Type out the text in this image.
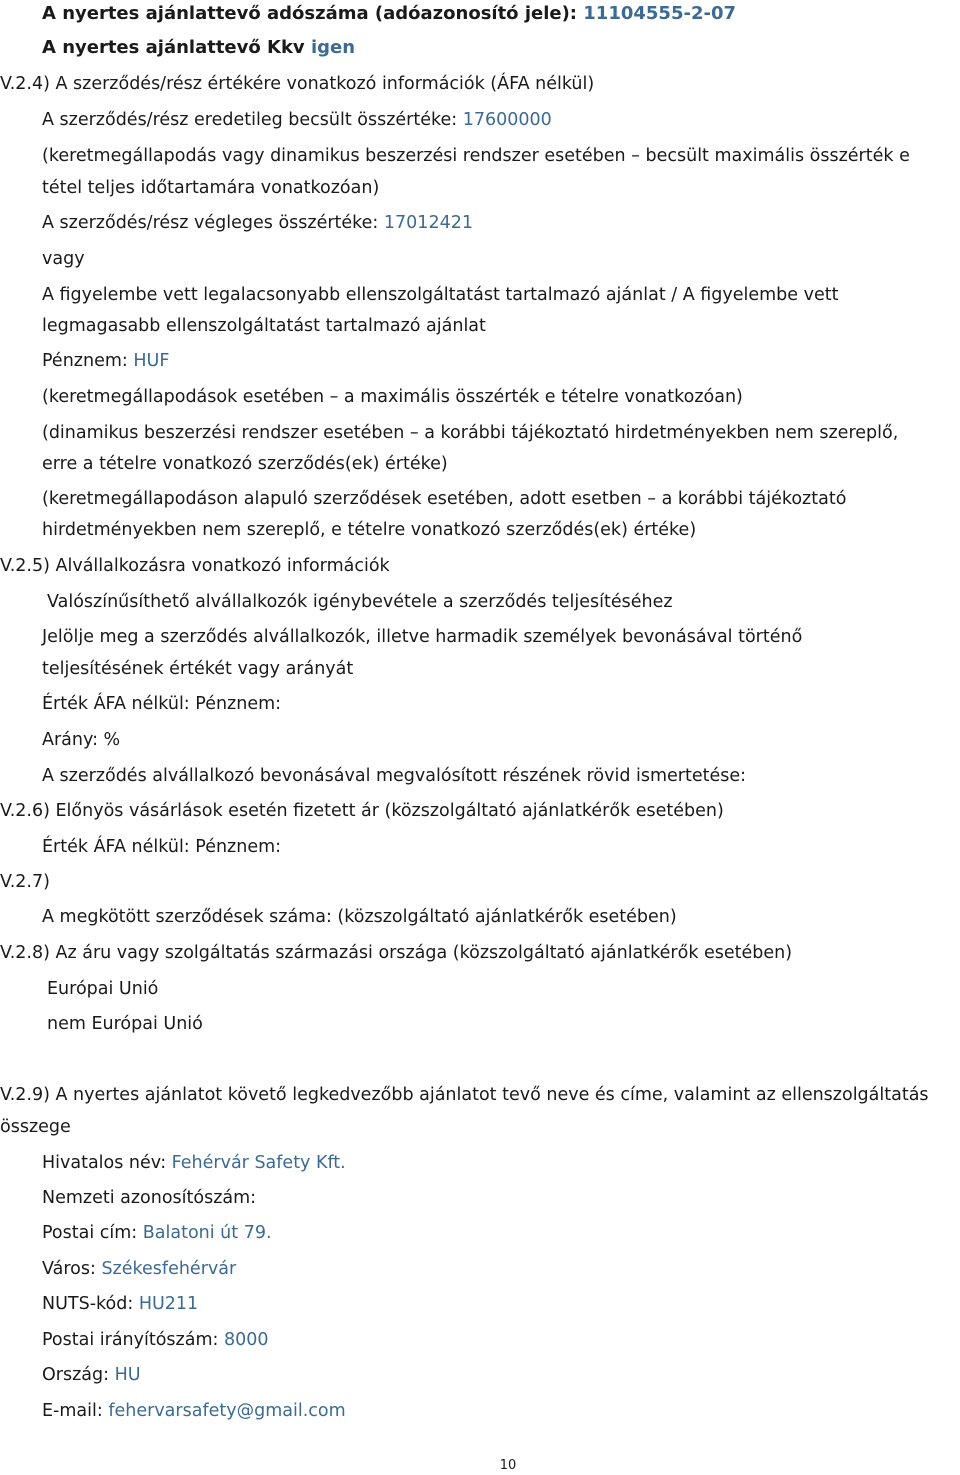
A nyertes ajánlattevő adószáma (adóazonosító jele): 11104555-2-07
A nyertes ajánlattevő Kkv igen
V.2.4) A szerződés/rész értékére vonatkozó információk (ÁFA nélkül)
A szerződés/rész eredetileg becsült összértéke: 17600000
(keretmegállapodás vagy dinamikus beszerzési rendszer esetében – becsült maximális összérték e
tétel teljes időtartamára vonatkozóan)
A szerződés/rész végleges összértéke: 17012421
vagy
A figyelembe vett legalacsonyabb ellenszolgáltatást tartalmazó ajánlat / A figyelembe vett
legmagasabb ellenszolgáltatást tartalmazó ajánlat
Pénznem: HUF
(keretmegállapodások esetében – a maximális összérték e tételre vonatkozóan)
(dinamikus beszerzési rendszer esetében – a korábbi tájékoztató hirdetményekben nem szereplő,
erre a tételre vonatkozó szerződés(ek) értéke)
(keretmegállapodáson alapuló szerződések esetében, adott esetben – a korábbi tájékoztató
hirdetményekben nem szereplő, e tételre vonatkozó szerződés(ek) értéke)
V.2.5) Alvállalkozásra vonatkozó információk
Valószínűsíthető alvállalkozók igénybevétele a szerződés teljesítéséhez
Jelölje meg a szerződés alvállalkozók, illetve harmadik személyek bevonásával történő
teljesítésének értékét vagy arányát
Érték ÁFA nélkül: Pénznem:
Arány: %
A szerződés alvállalkozó bevonásával megvalósított részének rövid ismertetése:
V.2.6) Előnyös vásárlások esetén fizetett ár (közszolgáltató ajánlatkérők esetében)
Érték ÁFA nélkül: Pénznem:
V.2.7)
A megkötött szerződések száma: (közszolgáltató ajánlatkérők esetében)
V.2.8) Az áru vagy szolgáltatás származási országa (közszolgáltató ajánlatkérők esetében)
Európai Unió
nem Európai Unió
V.2.9) A nyertes ajánlatot követő legkedvezőbb ajánlatot tevő neve és címe, valamint az ellenszolgáltatás
összege
Hivatalos név: Fehérvár Safety Kft.
Nemzeti azonosítószám:
Postai cím: Balatoni út 79.
Város: Székesfehérvár
NUTS-kód: HU211
Postai irányítószám: 8000
Ország: HU
E-mail: fehervarsafety@gmail.com
10
